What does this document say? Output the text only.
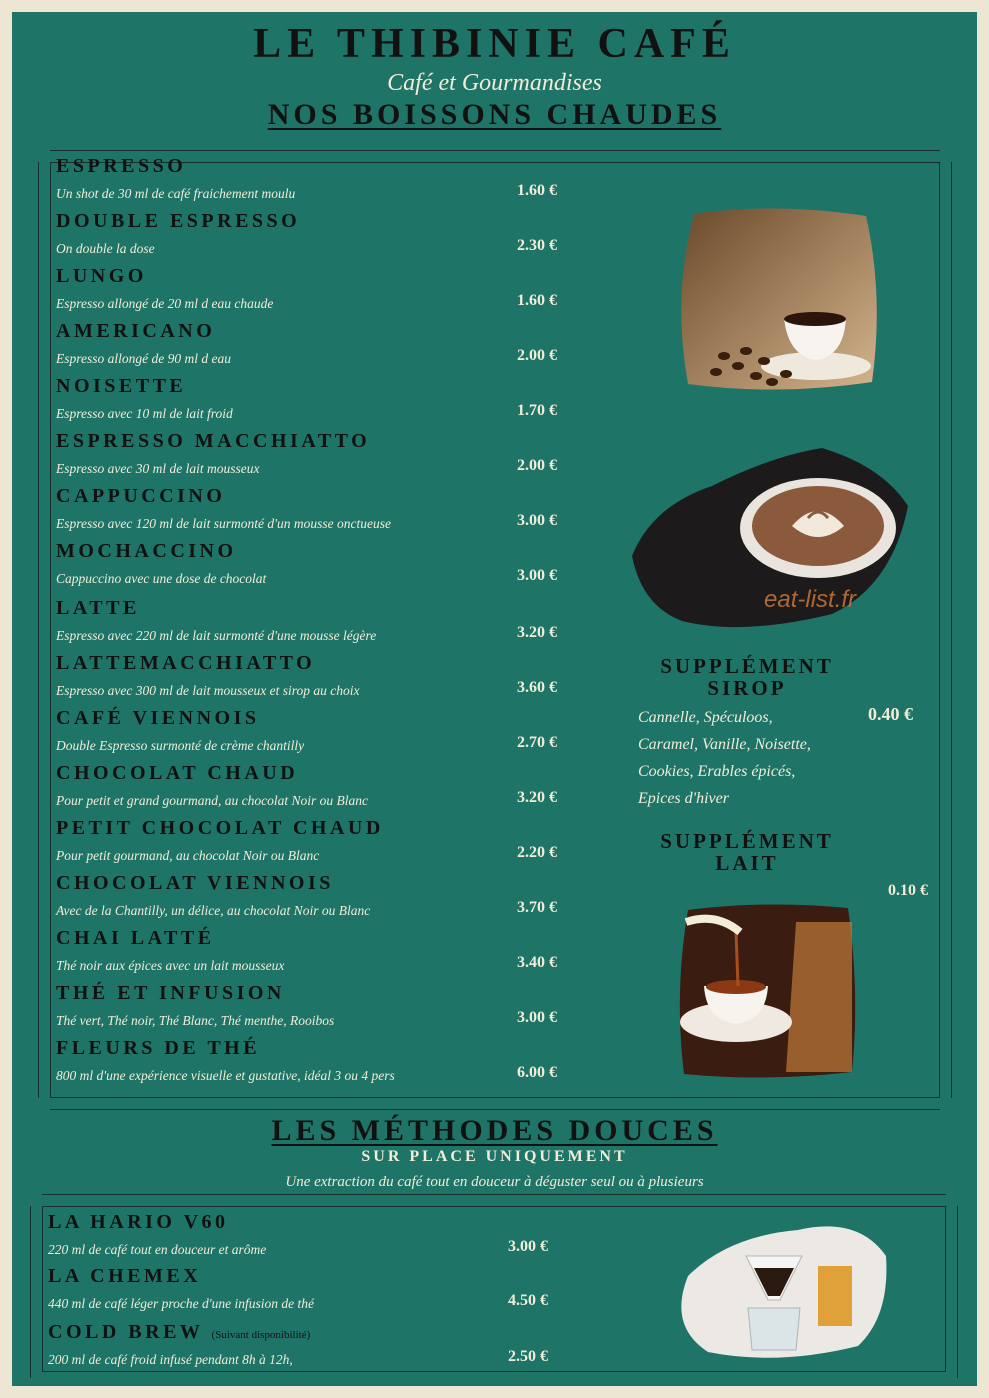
LE THIBINIE CAFÉ
Café et Gourmandises
NOS BOISSONS CHAUDES
ESPRESSO
Un shot de 30 ml de café fraichement moulu	1.60 €
DOUBLE ESPRESSO
On double la dose	2.30 €
LUNGO
Espresso allongé de 20 ml d eau chaude	1.60 €
AMERICANO
Espresso allongé de 90 ml d eau	2.00 €
NOISETTE
Espresso avec 10 ml de lait froid	1.70 €
ESPRESSO MACCHIATTO
Espresso avec 30 ml de lait mousseux	2.00 €
CAPPUCCINO
Espresso avec 120 ml de lait surmonté d'un mousse onctueuse	3.00 €
MOCHACCINO
Cappuccino avec une dose de chocolat	3.00 €
LATTE
Espresso avec 220 ml de lait surmonté d'une mousse légère	3.20 €
LATTEMACCHIATTO
Espresso avec 300 ml de lait mousseux et sirop au choix	3.60 €
CAFÉ VIENNOIS
Double Espresso surmonté de crème chantilly	2.70 €
CHOCOLAT CHAUD
Pour petit et grand gourmand, au chocolat Noir ou Blanc	3.20 €
PETIT CHOCOLAT CHAUD
Pour petit gourmand, au chocolat Noir ou Blanc	2.20 €
CHOCOLAT VIENNOIS
Avec de la Chantilly, un délice, au chocolat Noir ou Blanc	3.70 €
CHAI LATTÉ
Thé noir aux épices avec un lait mousseux	3.40 €
THÉ ET INFUSION
Thé vert, Thé noir, Thé Blanc, Thé menthe, Rooibos	3.00 €
FLEURS DE THÉ
800 ml d'une expérience visuelle et gustative, idéal 3 ou 4 pers	6.00 €
eat-list.fr
SUPPLÉMENT
SIROP
Cannelle, Spéculoos,
Caramel, Vanille, Noisette,
Cookies, Erables épicés,
Epices d'hiver
0.40 €
SUPPLÉMENT
LAIT
0.10 €
LES MÉTHODES DOUCES
SUR PLACE UNIQUEMENT
Une extraction du café tout en douceur à déguster seul ou à plusieurs
LA HARIO V60
220 ml de café tout en douceur et arôme	3.00 €
LA CHEMEX
440 ml de café léger proche d'une infusion de thé	4.50 €
COLD BREW (Suivant disponibilité)
200 ml de café froid infusé pendant 8h à 12h,	2.50 €
